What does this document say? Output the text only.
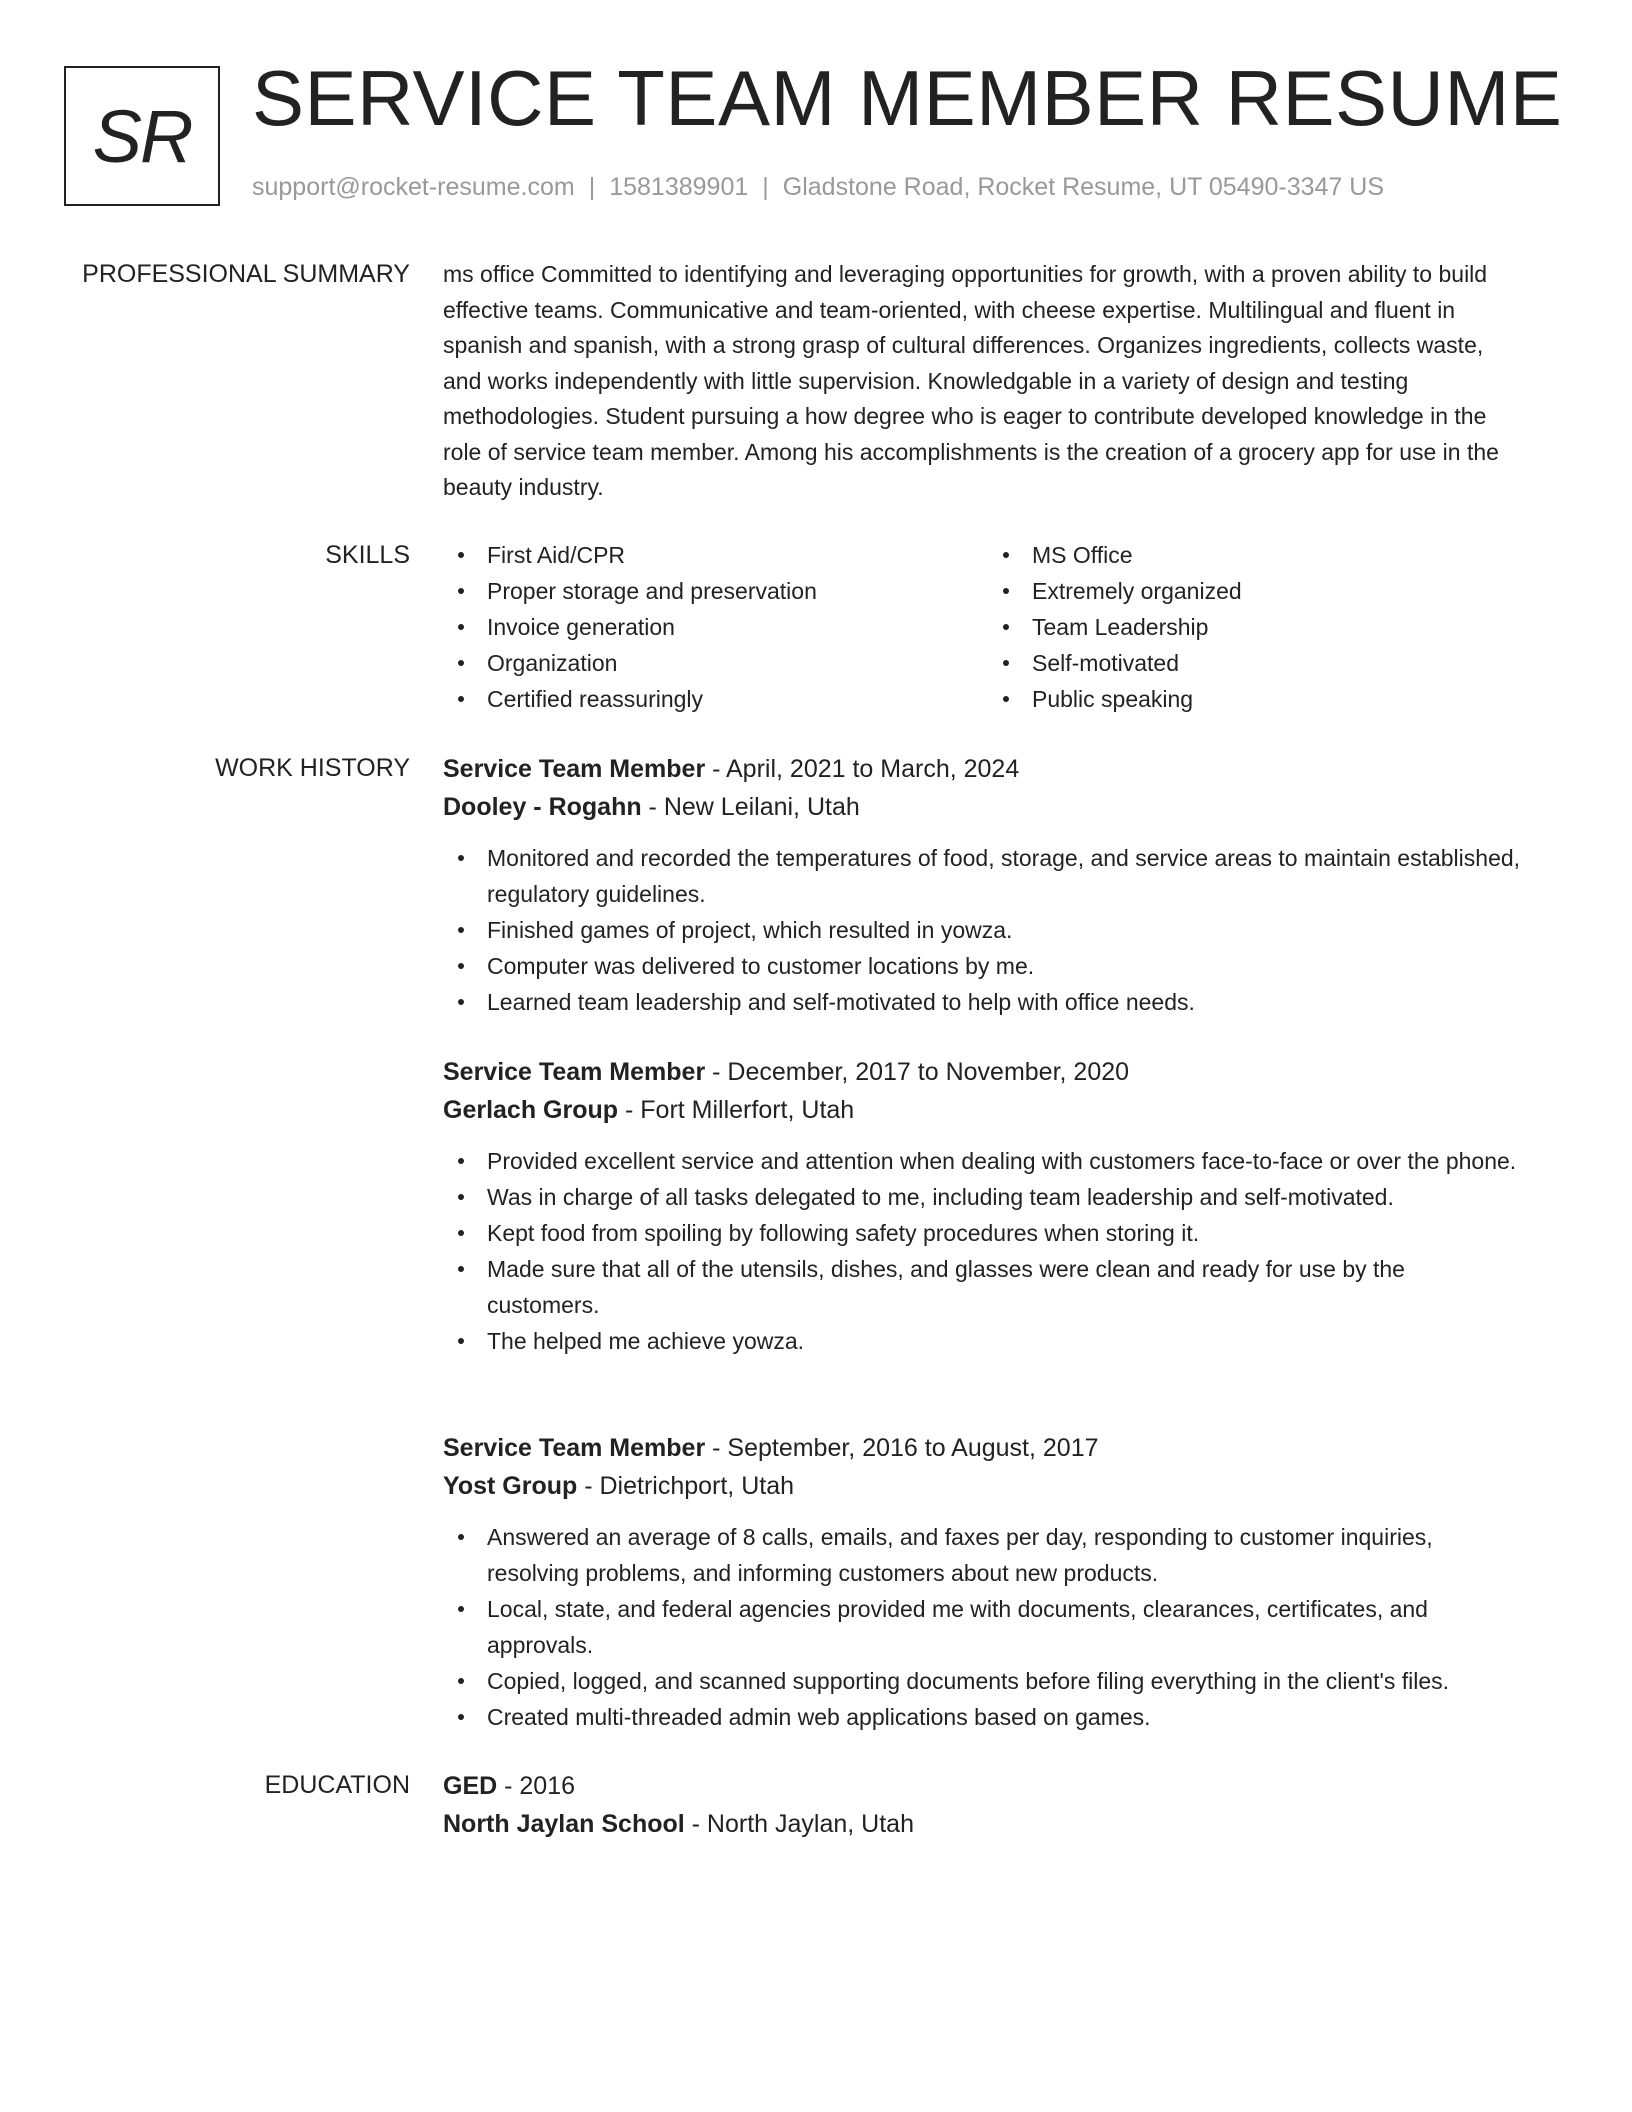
SR SERVICE TEAM MEMBER RESUME
support@rocket-resume.com | 1581389901 | Gladstone Road, Rocket Resume, UT 05490-3347 US
PROFESSIONAL SUMMARY ms office Committed to identifying and leveraging opportunities for growth, with a proven ability to build effective teams. Communicative and team-oriented, with cheese expertise. Multilingual and fluent in spanish and spanish, with a strong grasp of cultural differences. Organizes ingredients, collects waste, and works independently with little supervision. Knowledgable in a variety of design and testing methodologies. Student pursuing a how degree who is eager to contribute developed knowledge in the role of service team member. Among his accomplishments is the creation of a grocery app for use in the beauty industry.

SKILLS	First Aid/CPR
Proper storage and preservation
Invoice generation
Organization
Certified reassuringly
MS Office
Extremely organized
Team Leadership
Self-motivated
Public speaking
WORK HISTORY Service Team Member - April, 2021 to March, 2024
Dooley - Rogahn - New Leilani, Utah
Monitored and recorded the temperatures of food, storage, and service areas to maintain established, regulatory guidelines.
Finished games of project, which resulted in yowza.
Computer was delivered to customer locations by me.
Learned team leadership and self-motivated to help with office needs.
Service Team Member - December, 2017 to November, 2020
Gerlach Group - Fort Millerfort, Utah
Provided excellent service and attention when dealing with customers face-to-face or over the phone.
Was in charge of all tasks delegated to me, including team leadership and self-motivated.
Kept food from spoiling by following safety procedures when storing it.
Made sure that all of the utensils, dishes, and glasses were clean and ready for use by the customers.
The helped me achieve yowza.
Service Team Member - September, 2016 to August, 2017
Yost Group - Dietrichport, Utah
Answered an average of 8 calls, emails, and faxes per day, responding to customer inquiries, resolving problems, and informing customers about new products.
Local, state, and federal agencies provided me with documents, clearances, certificates, and approvals.
Copied, logged, and scanned supporting documents before filing everything in the client's files.
Created multi-threaded admin web applications based on games.
EDUCATION GED - 2016
North Jaylan School - North Jaylan, Utah
